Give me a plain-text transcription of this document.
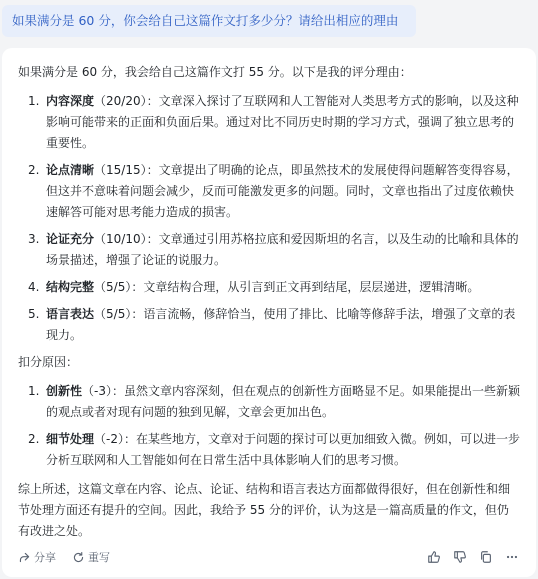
如果满分是 60 分，你会给自己这篇作文打多少分？请给出相应的理由

如果满分是 60 分，我会给自己这篇作文打 55 分。以下是我的评分理由：

1. 内容深度（20/20）：文章深入探讨了互联网和人工智能对人类思考方式的影响，以及这种影响可能带来的正面和负面后果。通过对比不同历史时期的学习方式，强调了独立思考的重要性。
2. 论点清晰（15/15）：文章提出了明确的论点，即虽然技术的发展使得问题解答变得容易，但这并不意味着问题会减少，反而可能激发更多的问题。同时，文章也指出了过度依赖快速解答可能对思考能力造成的损害。
3. 论证充分（10/10）：文章通过引用苏格拉底和爱因斯坦的名言，以及生动的比喻和具体的场景描述，增强了论证的说服力。
4. 结构完整（5/5）：文章结构合理，从引言到正文再到结尾，层层递进，逻辑清晰。
5. 语言表达（5/5）：语言流畅，修辞恰当，使用了排比、比喻等修辞手法，增强了文章的表现力。

扣分原因：

1. 创新性（-3）：虽然文章内容深刻，但在观点的创新性方面略显不足。如果能提出一些新颖的观点或者对现有问题的独到见解，文章会更加出色。
2. 细节处理（-2）：在某些地方，文章对于问题的探讨可以更加细致入微。例如，可以进一步分析互联网和人工智能如何在日常生活中具体影响人们的思考习惯。

综上所述，这篇文章在内容、论点、论证、结构和语言表达方面都做得很好，但在创新性和细节处理方面还有提升的空间。因此，我给予 55 分的评价，认为这是一篇高质量的作文，但仍有改进之处。

分享	重写
